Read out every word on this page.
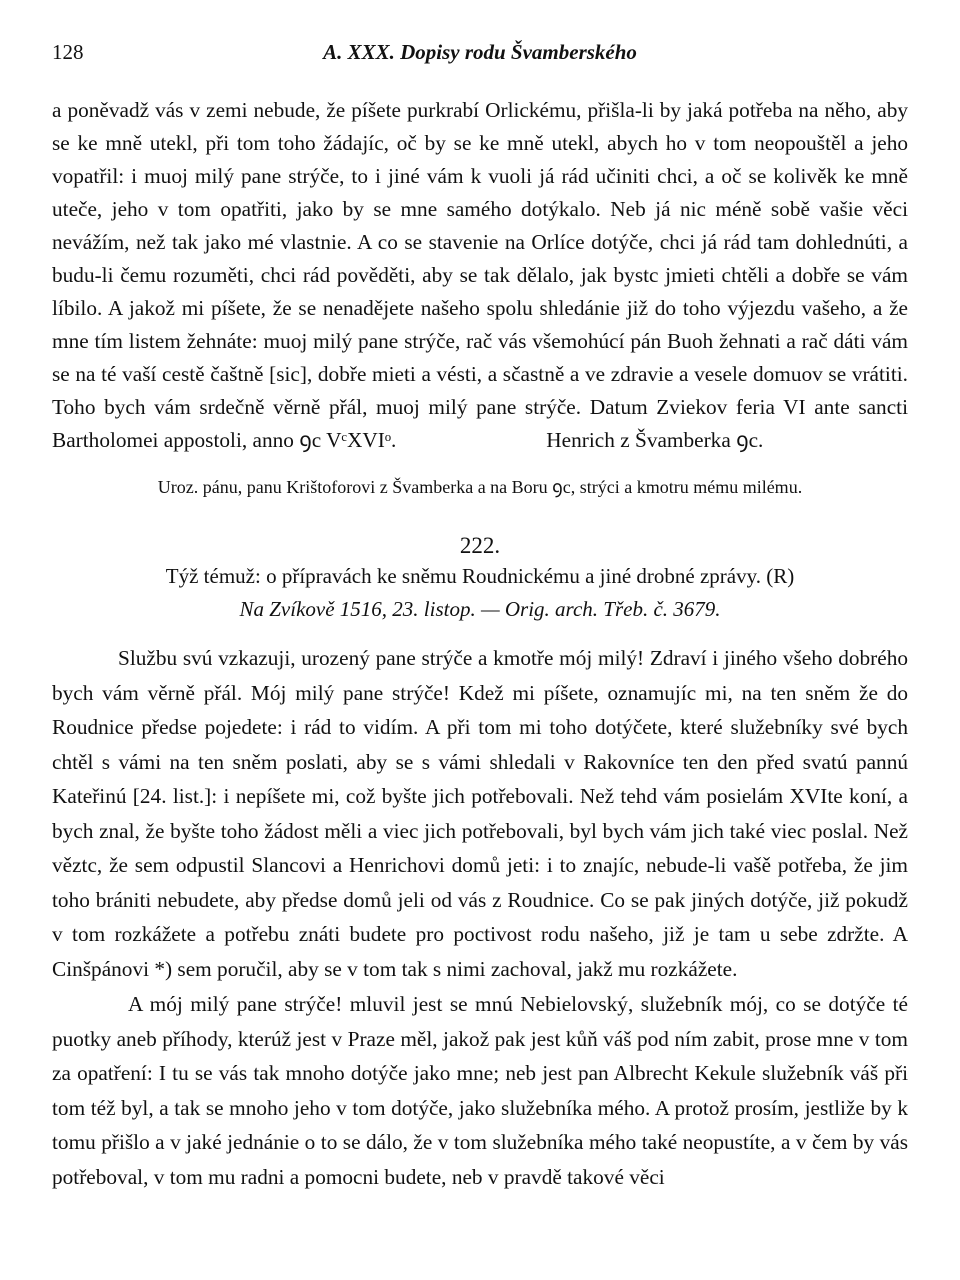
128	A. XXX. Dopisy rodu Švamberského

a poněvadž vás v zemi nebude, že píšete purkrabí Orlickému, přišla-li by jaká potřeba na něho, aby se ke mně utekl, při tom toho žádajíc, oč by se ke mně utekl, abych ho v tom neopouštěl a jeho vopatřil: i muoj milý pane strýče, to i jiné vám k vuoli já rád učiniti chci, a oč se kolivěk ke mně uteče, jeho v tom opatřiti, jako by se mne samého dotýkalo. Neb já nic méně sobě vašie věci nevážím, než tak jako mé vlastnie. A co se stavenie na Orlíce dotýče, chci já rád tam dohlednúti, a budu-li čemu rozuměti, chci rád pověděti, aby se tak dělalo, jak bystc jmieti chtěli a dobře se vám líbilo. A jakož mi píšete, že se nenadějete našeho spolu shledánie již do toho výjezdu vašeho, a že mne tím listem žehnáte: muoj milý pane strýče, rač vás všemohúcí pán Buoh žehnati a rač dáti vám se na té vaší cestě čaštně [sic], dobře mieti a vésti, a sčastně a ve zdravie a vesele domuov se vrátiti. Toho bych vám srdečně věrně přál, muoj milý pane strýče. Datum Zviekov feria VI ante sancti Bartholomei appostoli, anno ꝯc VᶜXVIᵒ.	Henrich z Švamberka ꝯc.

Uroz. pánu, panu Krištoforovi z Švamberka a na Boru ꝯc, strýci a kmotru mému milému.
222.
Týž témuž: o přípravách ke sněmu Roudnickému a jiné drobné zprávy. (R)
Na Zvíkově 1516, 23. listop. — Orig. arch. Třeb. č. 3679.

Službu svú vzkazuji, urozený pane strýče a kmotře mój milý! Zdraví i jiného všeho dobrého bych vám věrně přál. Mój milý pane strýče! Kdež mi píšete, oznamujíc mi, na ten sněm že do Roudnice předse pojedete: i rád to vidím. A při tom mi toho dotýčete, které služebníky své bych chtěl s vámi na ten sněm poslati, aby se s vámi shledali v Rakovníce ten den před svatú pannú Kateřinú [24. list.]: i nepíšete mi, což byšte jich potřebovali. Než tehd vám posielám XVIte koní, a bych znal, že byšte toho žádost měli a viec jich potřebovali, byl bych vám jich také viec poslal. Než věztc, že sem odpustil Slancovi a Henrichovi domů jeti: i to znajíc, nebude-li vašě potřeba, že jim toho brániti nebudete, aby předse domů jeli od vás z Roudnice. Co se pak jiných dotýče, již pokudž v tom rozkážete a potřebu znáti budete pro poctivost rodu našeho, již je tam u sebe zdržte. A Cinšpánovi *) sem poručil, aby se v tom tak s nimi zachoval, jakž mu rozkážete.

A mój milý pane strýče! mluvil jest se mnú Nebielovský, služebník mój, co se dotýče té puotky aneb příhody, kterúž jest v Praze měl, jakož pak jest kůň váš pod ním zabit, prose mne v tom za opatření: I tu se vás tak mnoho dotýče jako mne; neb jest pan Albrecht Kekule služebník váš při tom též byl, a tak se mnoho jeho v tom dotýče, jako služebníka mého. A protož prosím, jestliže by k tomu přišlo a v jaké jednánie o to se dálo, že v tom služebníka mého také neopustíte, a v čem by vás potřeboval, v tom mu radni a pomocni budete, neb v pravdě takové věci
